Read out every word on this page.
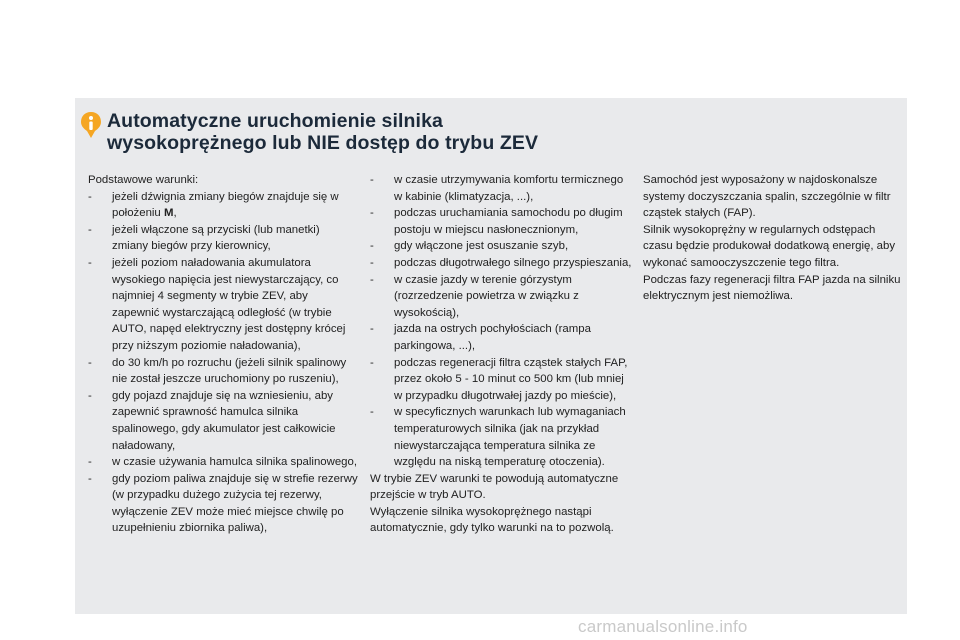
Automatyczne uruchomienie silnika
wysokoprężnego lub NIE dostęp do trybu ZEV
Podstawowe warunki:
- jeżeli dźwignia zmiany biegów znajduje się w położeniu M,
- jeżeli włączone są przyciski (lub manetki) zmiany biegów przy kierownicy,
- jeżeli poziom naładowania akumulatora wysokiego napięcia jest niewystarczający, co najmniej 4 segmenty w trybie ZEV, aby zapewnić wystarczającą odległość (w trybie AUTO, napęd elektryczny jest dostępny krócej przy niższym poziomie naładowania),
- do 30 km/h po rozruchu (jeżeli silnik spalinowy nie został jeszcze uruchomiony po ruszeniu),
- gdy pojazd znajduje się na wzniesieniu, aby zapewnić sprawność hamulca silnika spalinowego, gdy akumulator jest całkowicie naładowany,
- w czasie używania hamulca silnika spalinowego,
- gdy poziom paliwa znajduje się w strefie rezerwy (w przypadku dużego zużycia tej rezerwy, wyłączenie ZEV może mieć miejsce chwilę po uzupełnieniu zbiornika paliwa),
- w czasie utrzymywania komfortu termicznego w kabinie (klimatyzacja, ...),
- podczas uruchamiania samochodu po długim postoju w miejscu nasłonecznionym,
- gdy włączone jest osuszanie szyb,
- podczas długotrwałego silnego przyspieszania,
- w czasie jazdy w terenie górzystym (rozrzedzenie powietrza w związku z wysokością),
- jazda na ostrych pochyłościach (rampa parkingowa, ...),
- podczas regeneracji filtra cząstek stałych FAP, przez około 5 - 10 minut co 500 km (lub mniej w przypadku długotrwałej jazdy po mieście),
- w specyficznych warunkach lub wymaganiach temperaturowych silnika (jak na przykład niewystarczająca temperatura silnika ze względu na niską temperaturę otoczenia).
W trybie ZEV warunki te powodują automatyczne przejście w tryb AUTO.
Wyłączenie silnika wysokoprężnego nastąpi automatycznie, gdy tylko warunki na to pozwolą.
Samochód jest wyposażony w najdoskonalsze systemy doczyszczania spalin, szczególnie w filtr cząstek stałych (FAP).
Silnik wysokoprężny w regularnych odstępach czasu będzie produkował dodatkową energię, aby wykonać samooczyszczenie tego filtra.
Podczas fazy regeneracji filtra FAP jazda na silniku elektrycznym jest niemożliwa.
carmanualsonline.info
